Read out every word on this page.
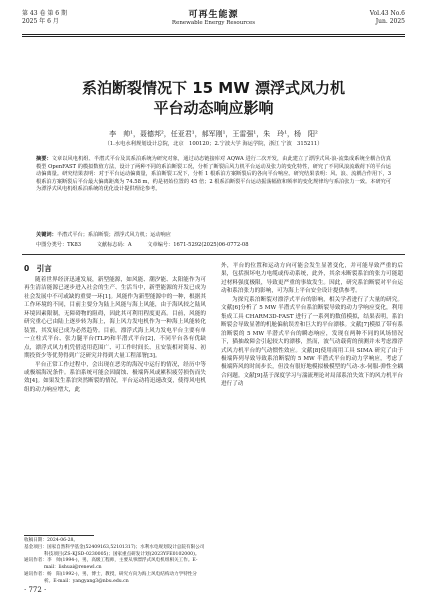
第 43 卷 第 6 期
2025 年 6 月
可再生能源
Renewable Energy Resources
Vol.43 No.6
Jun. 2025
系泊断裂情况下 15 MW 漂浮式风力机
平台动态响应影响
李　帅¹，聂德邦²，任亚君¹，郝军刚¹，王雷强¹，朱　玲¹，杨　阳²
（1.水电水利规划设计总院，北京　100120；2.宁波大学 海运学院，浙江 宁波　315211）
摘要：文章以风电机组、半潜式平台及其系泊系统为研究对象，通过动态链接库对 AQWA 进行二次开发，由此建立了漂浮式风-浪-流集成系统全耦合仿真模型 OpenFAST 的模拟数值方法，设计了两种不同的系泊断裂工况，分析了断裂后风力机平台运动及张力的变化特性，研究了不同风浪流载荷下的平台运动偏离量。研究结果表明：对于平台运动偏离量，系泊断裂工况下，分析 1 根系泊方案断裂后的各向平台响应。研究结果表明：风、浪、流耦合作用下，3 根系泊方案断裂后平台最大偏离距离为 74.58 m，约是初始位置的 45 倍；2 根系泊断裂平台运动振荡幅值和频率的变化规律均与系泊张力一致。本研究可为漂浮式风电机组系泊系统的优化设计提供理论参考。
关键词：半潜式平台；系泊断裂；漂浮式风力机；运动响应
中图分类号：TK83	文献标志码：A	文章编号：1671-5292(2025)06-0772-08

0　引言

随着世界经济迅速发展，新型能源，如风能、潮汐能、太阳能作为可再生清洁能源已逐步进入社会的生产、生活当中，新型能源的开发已成为社会发展中不可或缺的重要一环[1]。风能作为新型能源中的一种，根据其工作环境的不同，目前主要分为陆上风能与海上风能，由于海风较之陆风环境因素限制，无障碍物的阻碍，因此其可利用程度更高。目前，风能的研究重心已由陆上逐步转为海上，海上风力发电机作为一种海上风能转化装置，其发展已成为必然趋势。目前，漂浮式海上风力发电平台主要有单一立柱式平台、张力腿平台(TLP)和半潜式平台[2]，不同平台各有优缺点，漂浮式风力机凭借适用范围广、可工作时间长、且安装相对简易、初期投资少等优势得到广泛研究并得到大量工程部署[3]。

平台正常工作过程中，会出现在恶劣的海况中运行的情况，经历中等或极端海况条件。系泊系统可能会因腐蚀、极端阵风或累积疲劳损伤而失效[4]。如果发生系泊突然断裂的情况，平台运动将迅速改变，使得风电机组的动力响应增大，此

外，平台的位置和运动方向可能会发生显著变化，并可能导致严重的后果，包括损坏电力电缆或传动系统，此外，其余未断裂系泊的张力可能超过材料强度极限，导致更严重的事故发生。因此，研究系泊断裂对平台运动和系泊张力的影响，可为海上平台安全设计提供参考。

为探究系泊断裂对漂浮式平台的影响，相关学者进行了大量的研究。文献[6]分析了 5 MW 半潜式平台系泊断裂导致的动力学响应变化，利用集成工具 CHARM3D-FAST 进行了一系列的数值模拟，结果表明，系泊断裂会导致显著的机舱偏航误差和巨大的平台漂移。文献[7]模拟了带有系泊断裂的 5 MW 半潜式平台的瞬态响应，发现在两种不同的风场情况下，猫抽故障会引起较大的漂移，然而，波气动载荷的预测并未考虑漂浮式风力机平台的气动惯性效应。文献[8]使用商用工具 SIMA 研究了由于极端阵列导致导致系泊断裂的 5 MW 半潜式平台的动力学响应，考虑了极端阵风的时间步长，但没有很好地模拟极模型的气动-水-伺服-弹性全耦合问题。文献[9]基于深度学习与湍流理论对局部系泊失效下的风力机平台进行了动

收稿日期：2024-06-28。

基金项目：国家自然科学基金(52409163,52101317)；水利水电规划设计总院有限公司科技项目(ZS-KJSD-0230005)；国家重点研发计划(2023YFE0102000)。

通讯作者：李　帅(1994-)，男，高级工程师，主要从事漂浮式风电机组相关工作。E-mail：lishuai@renewl.cn

通讯作者：杨　阳(1992-)，男，博士，教授，研究方向为海上风电结构动力学特性分析。E-mail：yangyang3@nbu.edu.cn

· 772 ·
